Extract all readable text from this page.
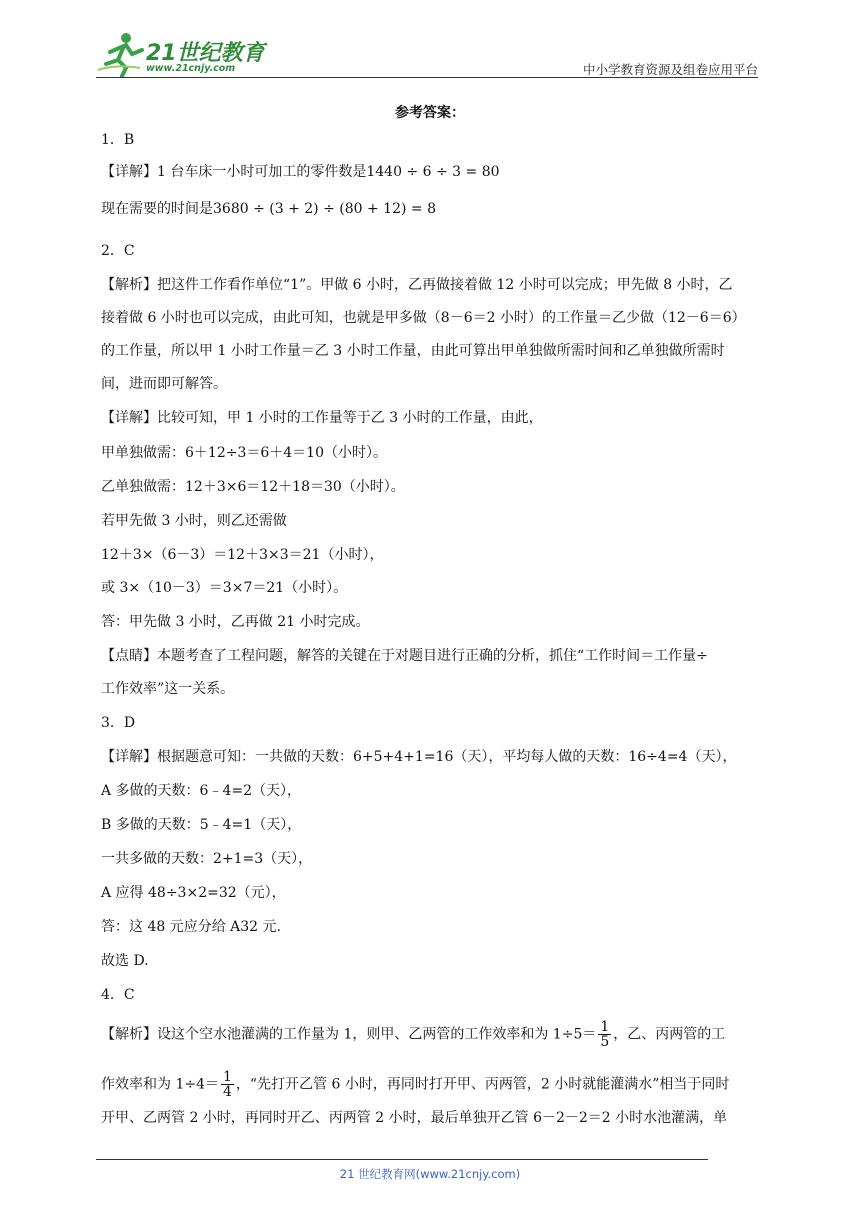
21世纪教育
www.21cnjy.com	中小学教育资源及组卷应用平台
参考答案：
1．B
【详解】1 台车床一小时可加工的零件数是1440 ÷ 6 ÷ 3 = 80
现在需要的时间是3680 ÷ (3 + 2) ÷ (80 + 12) = 8
2．C
【解析】把这件工作看作单位“1”。甲做 6 小时，乙再做接着做 12 小时可以完成；甲先做 8 小时，乙
接着做 6 小时也可以完成，由此可知，也就是甲多做（8－6＝2 小时）的工作量＝乙少做（12－6＝6）
的工作量，所以甲 1 小时工作量＝乙 3 小时工作量，由此可算出甲单独做所需时间和乙单独做所需时
间，进而即可解答。
【详解】比较可知，甲 1 小时的工作量等于乙 3 小时的工作量，由此，
甲单独做需：6＋12÷3＝6＋4＝10（小时）。
乙单独做需：12＋3×6＝12＋18＝30（小时）。
若甲先做 3 小时，则乙还需做
12＋3×（6－3）＝12＋3×3＝21（小时），
或 3×（10－3）＝3×7＝21（小时）。
答：甲先做 3 小时，乙再做 21 小时完成。
【点睛】本题考查了工程问题，解答的关键在于对题目进行正确的分析，抓住“工作时间＝工作量÷
工作效率”这一关系。
3．D
【详解】根据题意可知：一共做的天数：6+5+4+1=16（天），平均每人做的天数：16÷4=4（天），
A 多做的天数：6﹣4=2（天），
B 多做的天数：5﹣4=1（天），
一共多做的天数：2+1=3（天），
A 应得 48÷3×2=32（元），
答：这 48 元应分给 A32 元.
故选 D.
4．C
【解析】设这个空水池灌满的工作量为 1，则甲、乙两管的工作效率和为 $1\div 5= \frac{1}{5}$ ，乙、丙两管的工
作效率和为 $1\div 4= \frac{1}{4}$ ，“先打开乙管 6 小时，再同时打开甲、丙两管，2 小时就能灌满水”相当于同时
开甲、乙两管 2 小时，再同时开乙、丙两管 2 小时，最后单独开乙管 6－2－2＝2 小时水池灌满，单
21 世纪教育网(www.21cnjy.com)
